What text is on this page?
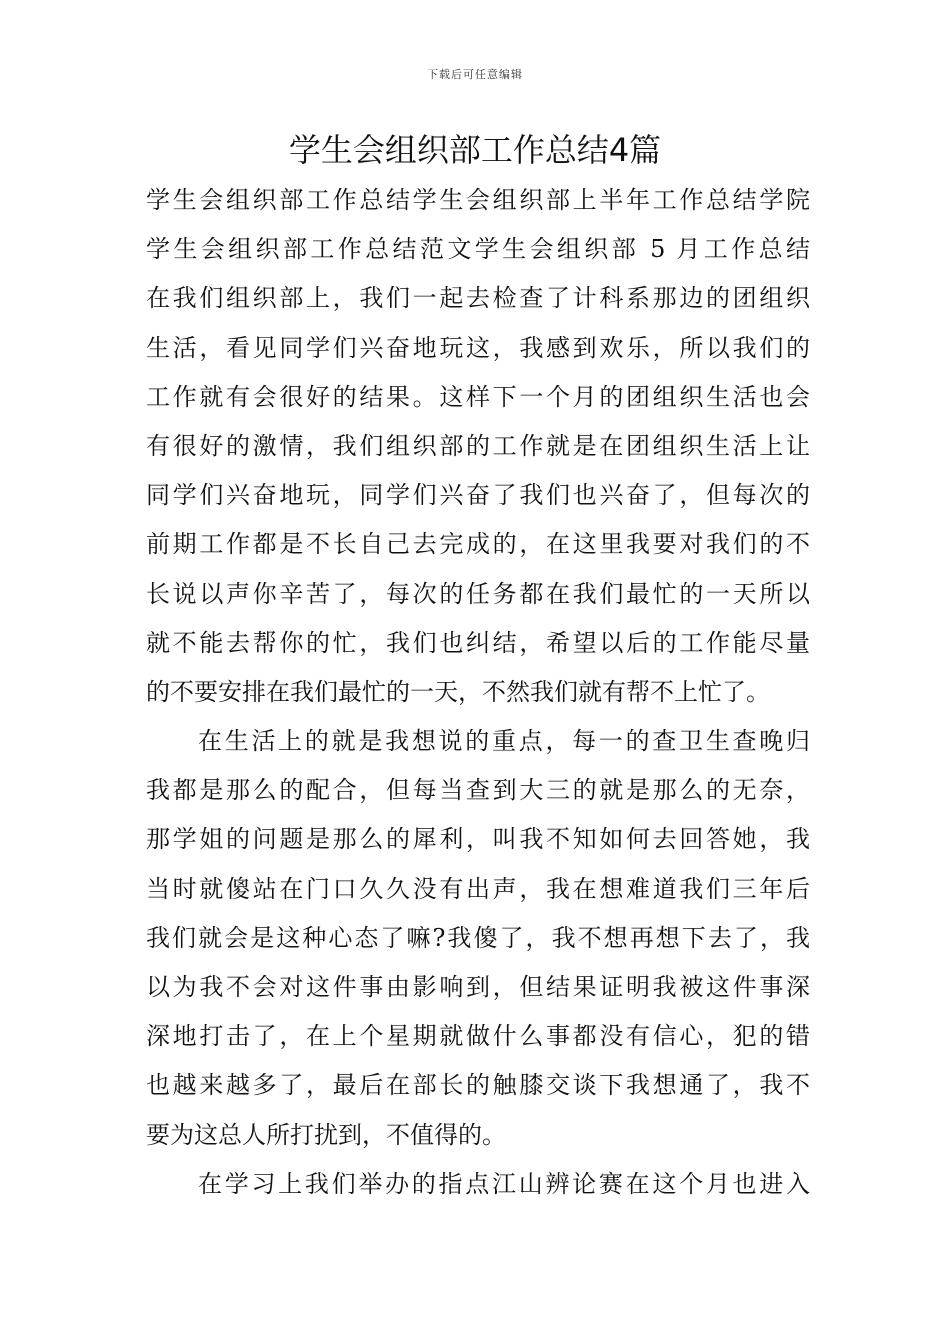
下载后可任意编辑
学生会组织部工作总结4篇
学生会组织部工作总结学生会组织部上半年工作总结学院
学生会组织部工作总结范文学生会组织部 5 月工作总结
在我们组织部上，我们一起去检查了计科系那边的团组织
生活，看见同学们兴奋地玩这，我感到欢乐，所以我们的
工作就有会很好的结果。这样下一个月的团组织生活也会
有很好的激情，我们组织部的工作就是在团组织生活上让
同学们兴奋地玩，同学们兴奋了我们也兴奋了，但每次的
前期工作都是不长自己去完成的，在这里我要对我们的不
长说以声你辛苦了，每次的任务都在我们最忙的一天所以
就不能去帮你的忙，我们也纠结，希望以后的工作能尽量
的不要安排在我们最忙的一天，不然我们就有帮不上忙了。
在生活上的就是我想说的重点，每一的查卫生查晚归
我都是那么的配合，但每当查到大三的就是那么的无奈，
那学姐的问题是那么的犀利，叫我不知如何去回答她，我
当时就傻站在门口久久没有出声，我在想难道我们三年后
我们就会是这种心态了嘛?我傻了，我不想再想下去了，我
以为我不会对这件事由影响到，但结果证明我被这件事深
深地打击了，在上个星期就做什么事都没有信心，犯的错
也越来越多了，最后在部长的触膝交谈下我想通了，我不
要为这总人所打扰到，不值得的。
在学习上我们举办的指点江山辨论赛在这个月也进入
